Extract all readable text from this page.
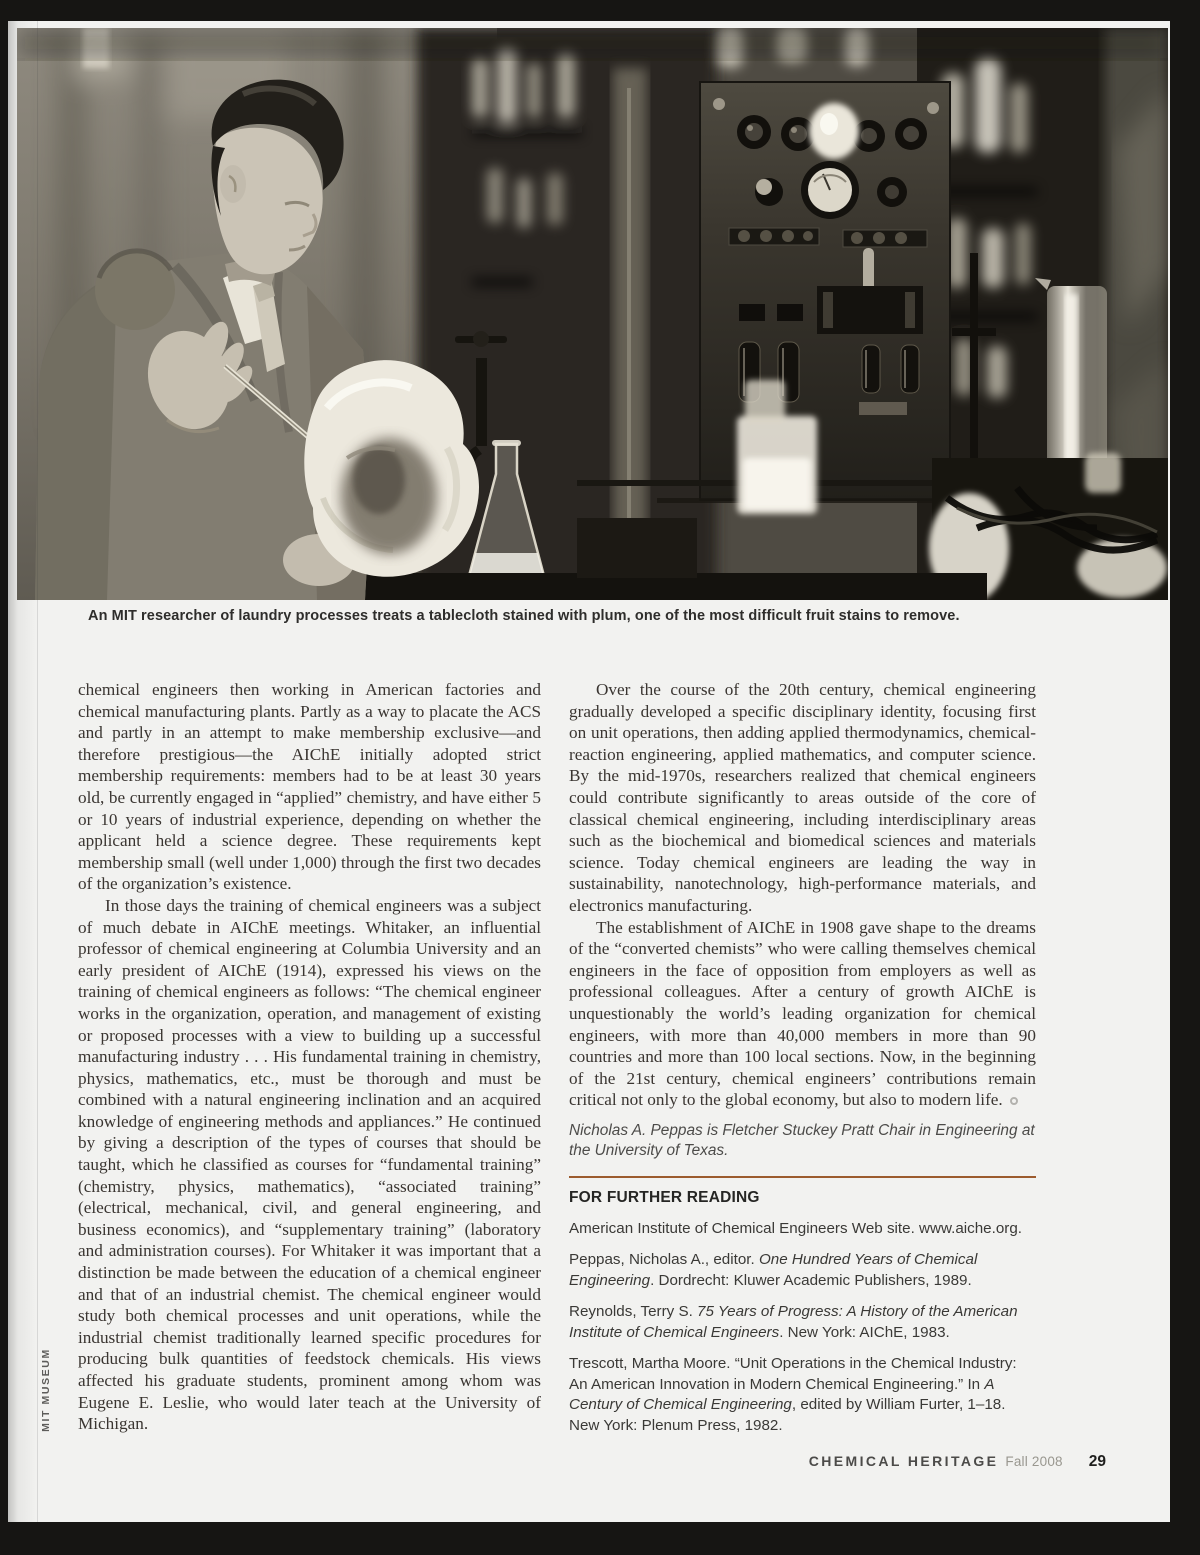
An MIT researcher of laundry processes treats a tablecloth stained with plum, one of the most difficult fruit stains to remove.
MIT MUSEUM

chemical engineers then working in American factories and chemical manufacturing plants. Partly as a way to placate the ACS and partly in an attempt to make membership exclusive—and therefore prestigious—the AIChE initially adopted strict membership requirements: members had to be at least 30 years old, be currently engaged in “applied” chemistry, and have either 5 or 10 years of industrial experience, depending on whether the applicant held a science degree. These requirements kept membership small (well under 1,000) through the first two decades of the organization’s existence.

In those days the training of chemical engineers was a subject of much debate in AIChE meetings. Whitaker, an influential professor of chemical engineering at Columbia University and an early president of AIChE (1914), expressed his views on the training of chemical engineers as follows: “The chemical engineer works in the organization, operation, and management of existing or proposed processes with a view to building up a successful manufacturing industry . . . His fundamental training in chemistry, physics, mathematics, etc., must be thorough and must be combined with a natural engineering inclination and an acquired knowledge of engineering methods and appliances.” He continued by giving a description of the types of courses that should be taught, which he classified as courses for “fundamental training” (chemistry, physics, mathematics), “associated training” (electrical, mechanical, civil, and general engineering, and business economics), and “supplementary training” (laboratory and administration courses). For Whitaker it was important that a distinction be made between the education of a chemical engineer and that of an industrial chemist. The chemical engineer would study both chemical processes and unit operations, while the industrial chemist traditionally learned specific procedures for producing bulk quantities of feedstock chemicals. His views affected his graduate students, prominent among whom was Eugene E. Leslie, who would later teach at the University of Michigan.

Over the course of the 20th century, chemical engineering gradually developed a specific disciplinary identity, focusing first on unit operations, then adding applied thermodynamics, chemical-reaction engineering, applied mathematics, and computer science. By the mid-1970s, researchers realized that chemical engineers could contribute significantly to areas outside of the core of classical chemical engineering, including interdisciplinary areas such as the biochemical and biomedical sciences and materials science. Today chemical engineers are leading the way in sustainability, nanotechnology, high-performance materials, and electronics manufacturing.

The establishment of AIChE in 1908 gave shape to the dreams of the “converted chemists” who were calling themselves chemical engineers in the face of opposition from employers as well as professional colleagues. After a century of growth AIChE is unquestionably the world’s leading organization for chemical engineers, with more than 40,000 members in more than 90 countries and more than 100 local sections. Now, in the beginning of the 21st century, chemical engineers’ contributions remain critical not only to the global economy, but also to modern life.

Nicholas A. Peppas is Fletcher Stuckey Pratt Chair in Engineering at the University of Texas.

FOR FURTHER READING

American Institute of Chemical Engineers Web site. www.aiche.org.

Peppas, Nicholas A., editor. One Hundred Years of Chemical Engineering. Dordrecht: Kluwer Academic Publishers, 1989.

Reynolds, Terry S. 75 Years of Progress: A History of the American Institute of Chemical Engineers. New York: AIChE, 1983.

Trescott, Martha Moore. “Unit Operations in the Chemical Industry: An American Innovation in Modern Chemical Engineering.” In A Century of Chemical Engineering, edited by William Furter, 1–18. New York: Plenum Press, 1982.

CHEMICAL HERITAGE Fall 2008 29
